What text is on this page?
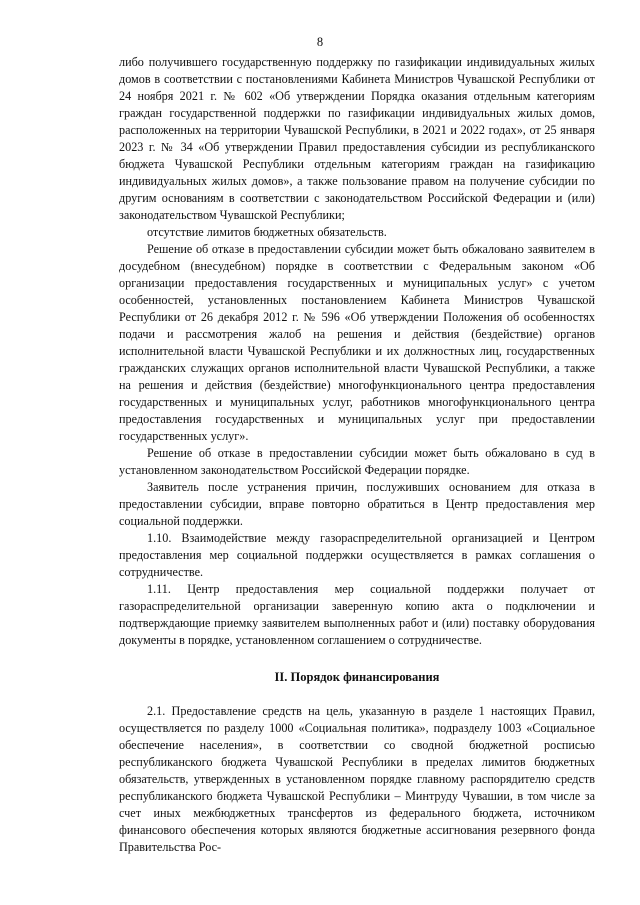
8

либо получившего государственную поддержку по газификации индивидуальных жилых домов в соответствии с постановлениями Кабинета Министров Чувашской Республики от 24 ноября 2021 г. № 602 «Об утверждении Порядка оказания отдельным категориям граждан государственной поддержки по газификации индивидуальных жилых домов, расположенных на территории Чувашской Республики, в 2021 и 2022 годах», от 25 января 2023 г. № 34 «Об утверждении Правил предоставления субсидии из республиканского бюджета Чувашской Республики отдельным категориям граждан на газификацию индивидуальных жилых домов», а также пользование правом на получение субсидии по другим основаниям в соответствии с законодательством Российской Федерации и (или) законодательством Чувашской Республики;

отсутствие лимитов бюджетных обязательств.

Решение об отказе в предоставлении субсидии может быть обжаловано заявителем в досудебном (внесудебном) порядке в соответствии с Федеральным законом «Об организации предоставления государственных и муниципальных услуг» с учетом особенностей, установленных постановлением Кабинета Министров Чувашской Республики от 26 декабря 2012 г. № 596 «Об утверждении Положения об особенностях подачи и рассмотрения жалоб на решения и действия (бездействие) органов исполнительной власти Чувашской Республики и их должностных лиц, государственных гражданских служащих органов исполнительной власти Чувашской Республики, а также на решения и действия (бездействие) многофункционального центра предоставления государственных и муниципальных услуг, работников многофункционального центра предоставления государственных и муниципальных услуг при предоставлении государственных услуг».

Решение об отказе в предоставлении субсидии может быть обжаловано в суд в установленном законодательством Российской Федерации порядке.

Заявитель после устранения причин, послуживших основанием для отказа в предоставлении субсидии, вправе повторно обратиться в Центр предоставления мер социальной поддержки.

1.10. Взаимодействие между газораспределительной организацией и Центром предоставления мер социальной поддержки осуществляется в рамках соглашения о сотрудничестве.

1.11. Центр предоставления мер социальной поддержки получает от газораспределительной организации заверенную копию акта о подключении и подтверждающие приемку заявителем выполненных работ и (или) поставку оборудования документы в порядке, установленном соглашением о сотрудничестве.

II. Порядок финансирования

2.1. Предоставление средств на цель, указанную в разделе 1 настоящих Правил, осуществляется по разделу 1000 «Социальная политика», подразделу 1003 «Социальное обеспечение населения», в соответствии со сводной бюджетной росписью республиканского бюджета Чувашской Республики в пределах лимитов бюджетных обязательств, утвержденных в установленном порядке главному распорядителю средств республиканского бюджета Чувашской Республики – Минтруду Чувашии, в том числе за счет иных межбюджетных трансфертов из федерального бюджета, источником финансового обеспечения которых являются бюджетные ассигнования резервного фонда Правительства Рос-
